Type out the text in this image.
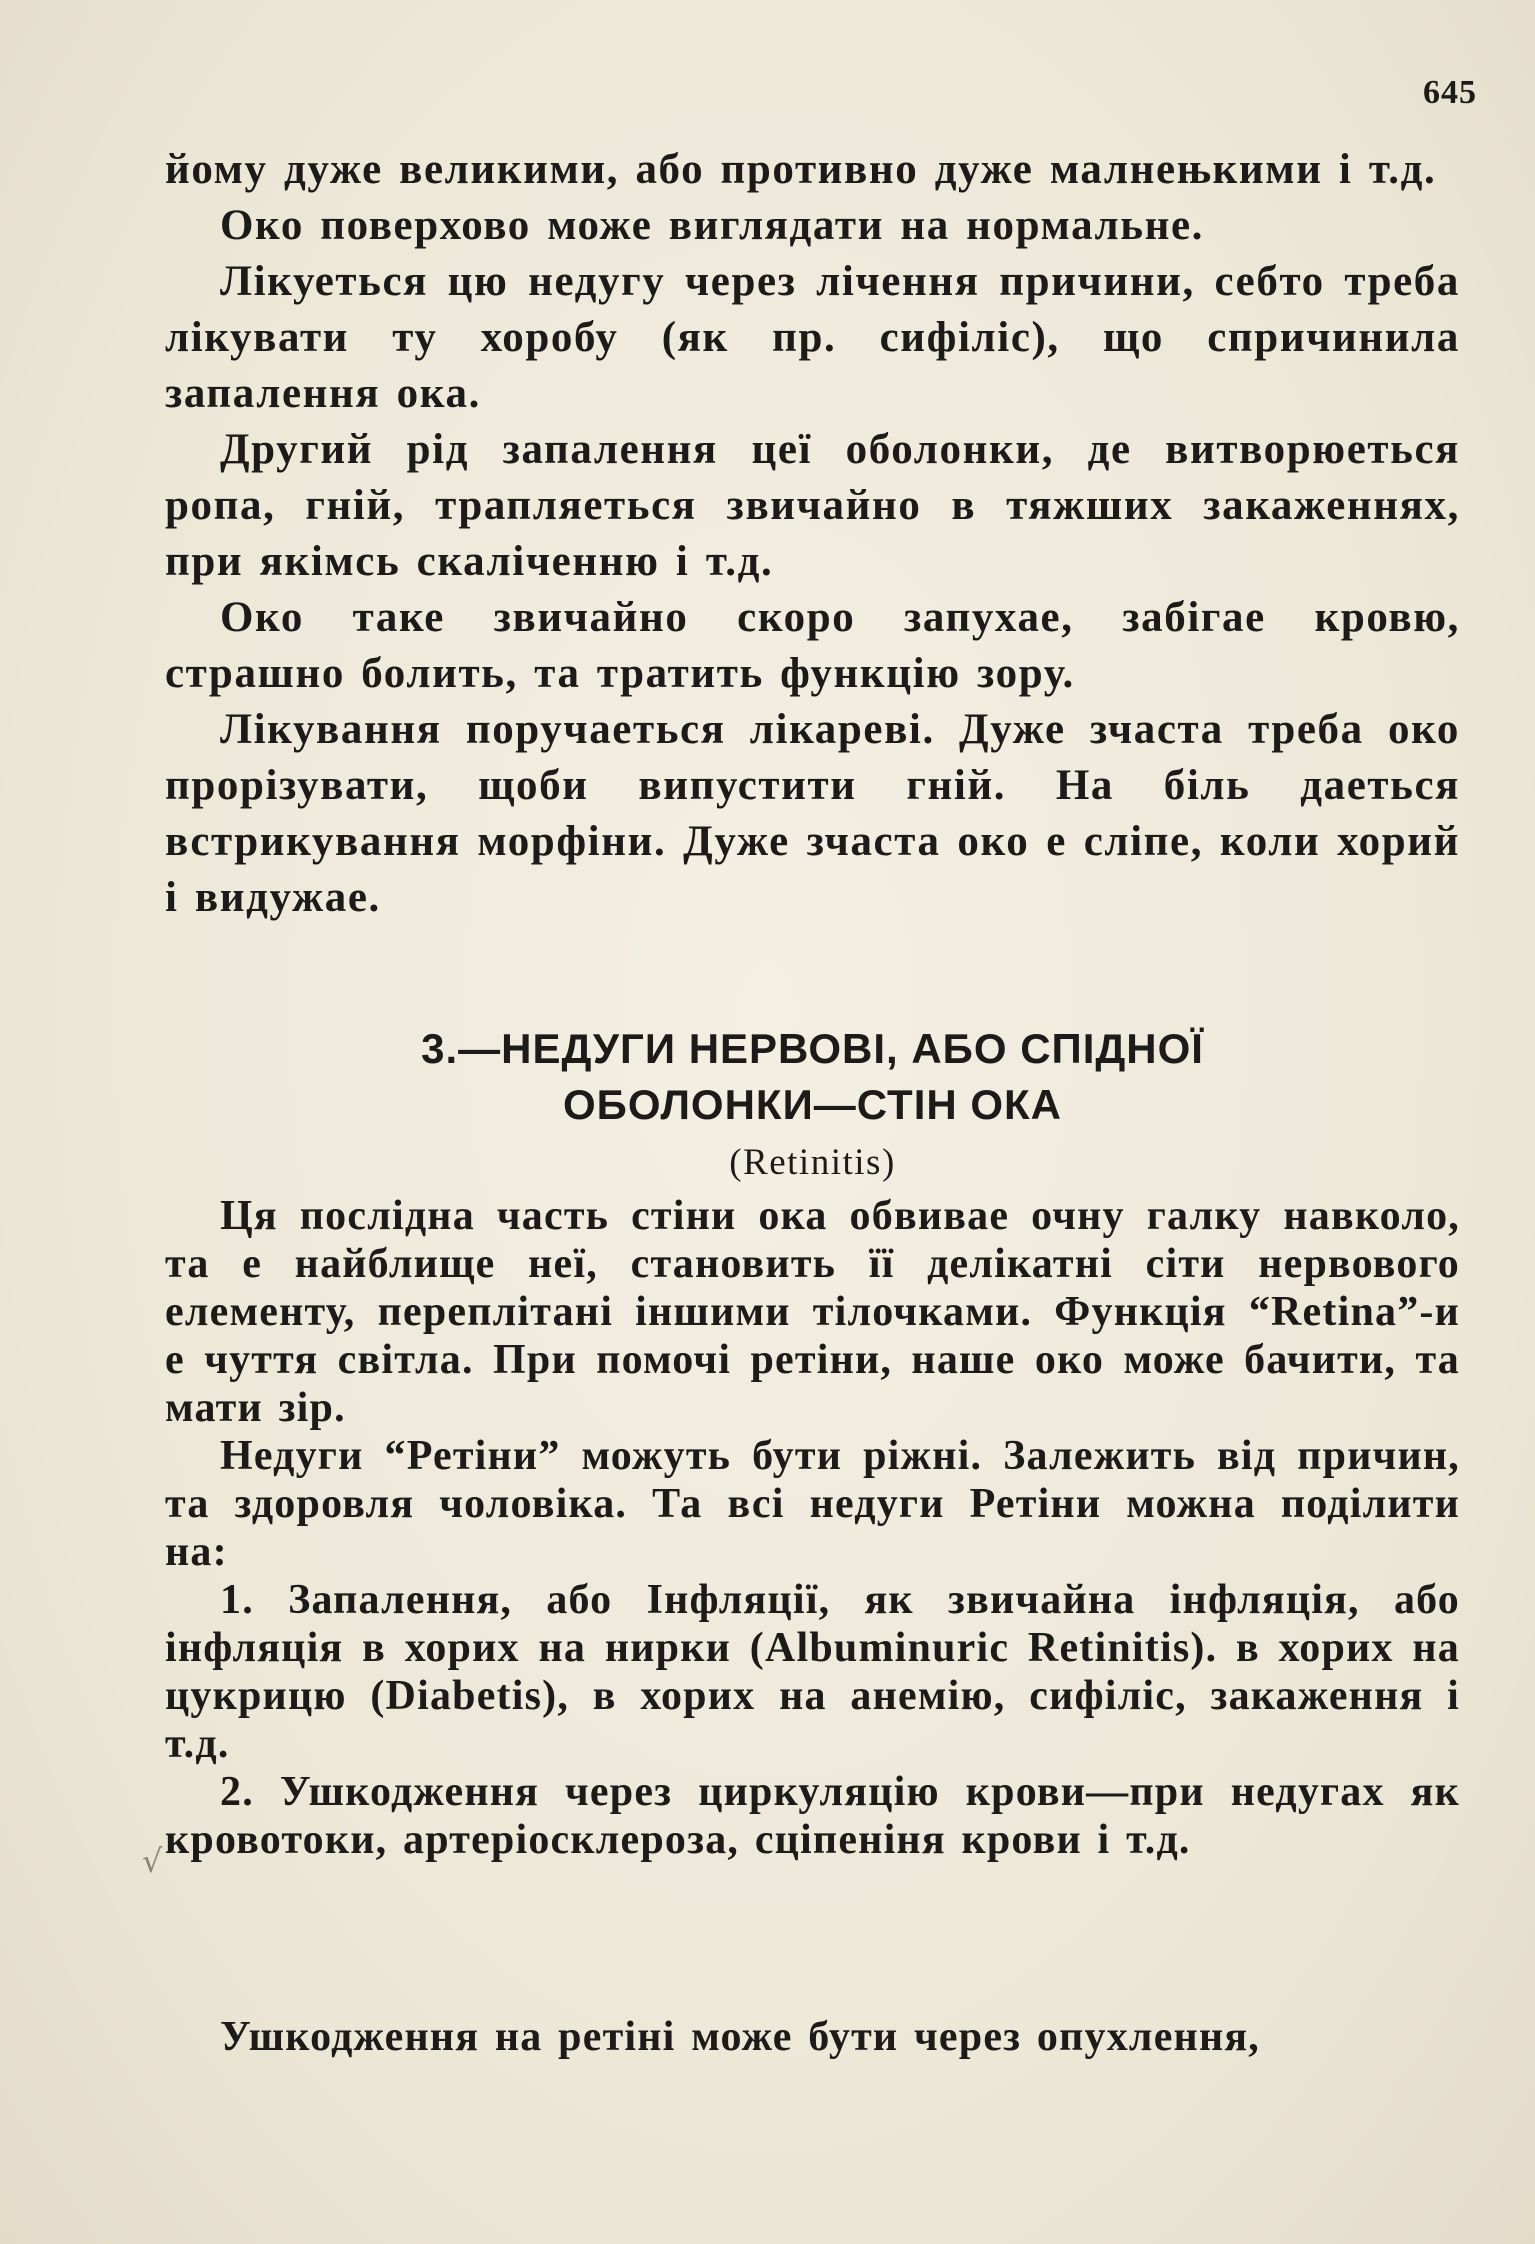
645

йому дуже великими, або противно дуже малнењкими і т.д.

Око поверхово може виглядати на нормальне.

Лікуеться цю недугу через лічення причини, себто треба лікувати ту хоробу (як пр. сифіліс), що спричинила запалення ока.

Другий рід запалення цеї оболонки, де витворюеться ропа, гній, трапляеться звичайно в тяжших закаженнях, при якімсь скаліченню і т.д.

Око таке звичайно скоро запухае, забігае кровю, страшно болить, та тратить функцію зору.

Лікування поручаеться лікареві. Дуже зчаста треба око прорізувати, щоби випустити гній. На біль даеться встрикування морфіни. Дуже зчаста око е сліпе, коли хорий і видужае.

3.—НЕДУГИ НЕРВОВІ, АБО СПІДНОЇ
ОБОЛОНКИ—СТІН ОКА
(Retinitis)

Ця послідна часть стіни ока обвивае очну галку навколо, та е найблище неї, становить її делікатні сіти нервового елементу, переплітані іншими тілочками. Функція “Retina”-и е чуття світла. При помочі ретіни, наше око може бачити, та мати зір.

Недуги “Ретіни” можуть бути ріжні. Залежить від причин, та здоровля чоловіка. Та всі недуги Ретіни можна поділити на:

1. Запалення, або Інфляції, як звичайна інфляція, або інфляція в хорих на нирки (Albuminuric Retinitis). в хорих на цукрицю (Diabetis), в хорих на анемію, сифіліс, закаження і т.д.

2. Ушкодження через циркуляцію крови—при недугах як кровотоки, артеріосклероза, сціпеніня крови і т.д.

Ушкодження на ретіні може бути через опухлення,

√
